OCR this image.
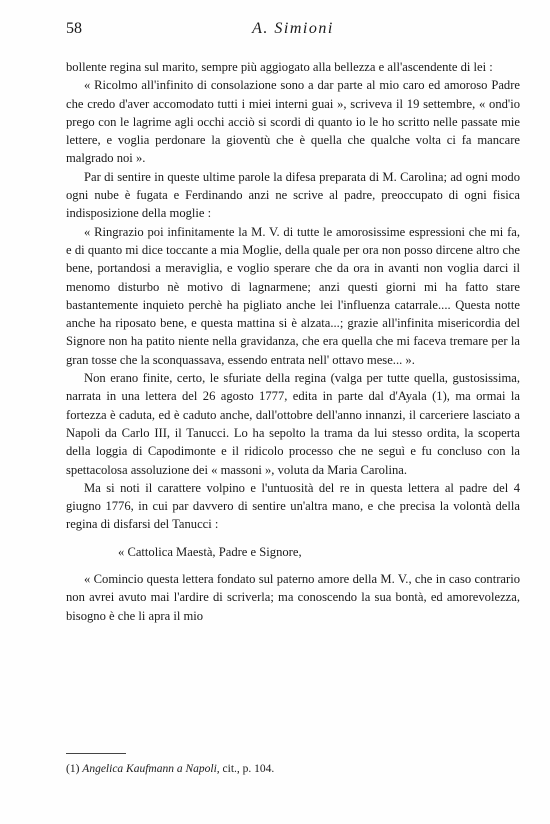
58	A. Simioni

bollente regina sul marito, sempre più aggiogato alla bellezza e all'ascendente di lei :

« Ricolmo all'infinito di consolazione sono a dar parte al mio caro ed amoroso Padre che credo d'aver accomodato tutti i miei interni guai », scriveva il 19 settembre, « ond'io prego con le lagrime agli occhi acciò si scordi di quanto io le ho scritto nelle passate mie lettere, e voglia perdonare la gioventù che è quella che qualche volta ci fa mancare malgrado noi ».

Par di sentire in queste ultime parole la difesa preparata di M. Carolina; ad ogni modo ogni nube è fugata e Ferdinando anzi ne scrive al padre, preoccupato di ogni fisica indisposizione della moglie :

« Ringrazio poi infinitamente la M. V. di tutte le amorosissime espressioni che mi fa, e di quanto mi dice toccante a mia Moglie, della quale per ora non posso dircene altro che bene, portandosi a meraviglia, e voglio sperare che da ora in avanti non voglia darci il menomo disturbo nè motivo di lagnarmene; anzi questi giorni mi ha fatto stare bastantemente inquieto perchè ha pigliato anche lei l'influenza catarrale.... Questa notte anche ha riposato bene, e questa mattina si è alzata...; grazie all'infinita misericordia del Signore non ha patito niente nella gravidanza, che era quella che mi faceva tremare per la gran tosse che la sconquassava, essendo entrata nell' ottavo mese... ».

Non erano finite, certo, le sfuriate della regina (valga per tutte quella, gustosissima, narrata in una lettera del 26 agosto 1777, edita in parte dal d'Ayala (1), ma ormai la fortezza è caduta, ed è caduto anche, dall'ottobre dell'anno innanzi, il carceriere lasciato a Napoli da Carlo III, il Tanucci. Lo ha sepolto la trama da lui stesso ordita, la scoperta della loggia di Capodimonte e il ridicolo processo che ne seguì e fu concluso con la spettacolosa assoluzione dei « massoni », voluta da Maria Carolina.

Ma si noti il carattere volpino e l'untuosità del re in questa lettera al padre del 4 giugno 1776, in cui par davvero di sentire un'altra mano, e che precisa la volontà della regina di disfarsi del Tanucci :

« Cattolica Maestà, Padre e Signore,

« Comincio questa lettera fondato sul paterno amore della M. V., che in caso contrario non avrei avuto mai l'ardire di scriverla; ma conoscendo la sua bontà, ed amorevolezza, bisogno è che li apra il mio

(1) Angelica Kaufmann a Napoli, cit., p. 104.
